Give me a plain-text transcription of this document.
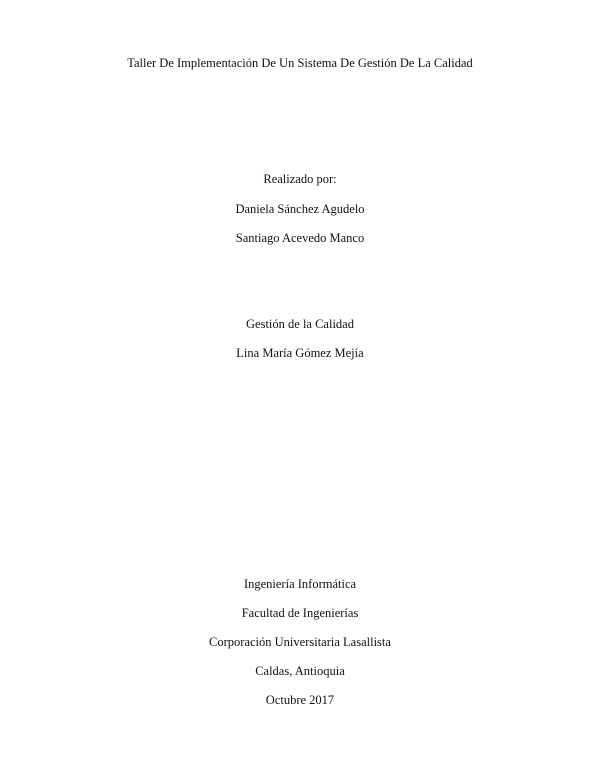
Taller De Implementación De Un Sistema De Gestión De La Calidad
Realizado por:
Daniela Sánchez Agudelo
Santiago Acevedo Manco
Gestión de la Calidad
Lina María Gómez Mejía
Ingeniería Informática
Facultad de Ingenierías
Corporación Universitaria Lasallista
Caldas, Antioquia
Octubre 2017
